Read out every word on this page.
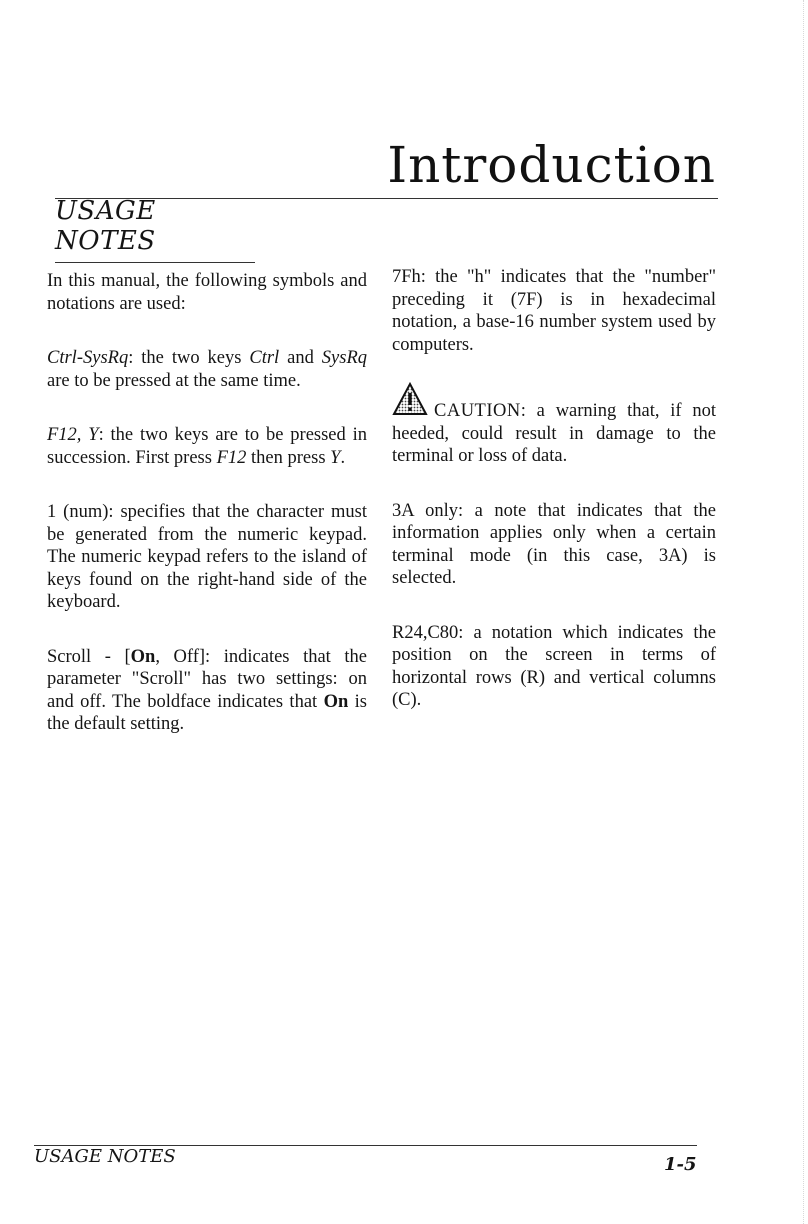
Introduction
USAGE NOTES

In this manual, the following symbols and notations are used:

Ctrl-SysRq: the two keys Ctrl and SysRq are to be pressed at the same time.

F12, Y: the two keys are to be pressed in succession. First press F12 then press Y.

1 (num): specifies that the character must be generated from the numeric keypad. The numeric keypad refers to the island of keys found on the right-hand side of the keyboard.

Scroll - [On, Off]: indicates that the parameter "Scroll" has two settings: on and off. The boldface indicates that On is the default setting.

7Fh: the "h" indicates that the "number" preceding it (7F) is in hexadecimal notation, a base-16 number system used by computers.

CAUTION: a warning that, if not heeded, could result in damage to the terminal or loss of data.

3A only: a note that indicates that the information applies only when a certain terminal mode (in this case, 3A) is selected.

R24,C80: a notation which indicates the position on the screen in terms of horizontal rows (R) and vertical columns (C).

USAGE NOTES	1-5
